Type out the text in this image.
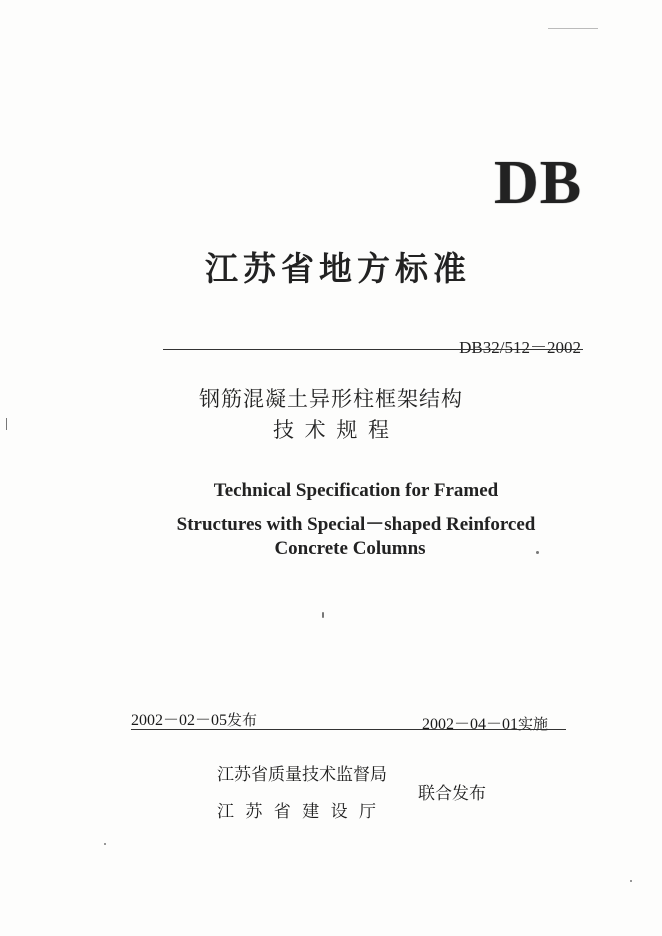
DB
江苏省地方标准
DB32/512－2002
钢筋混凝土异形柱框架结构
技 术 规 程
Technical Specification for Framed
Structures with Special－shaped Reinforced
Concrete Columns
2002－02－05发布	2002－04－01实施
江苏省质量技术监督局
江 苏 省 建 设 厅
联合发布
